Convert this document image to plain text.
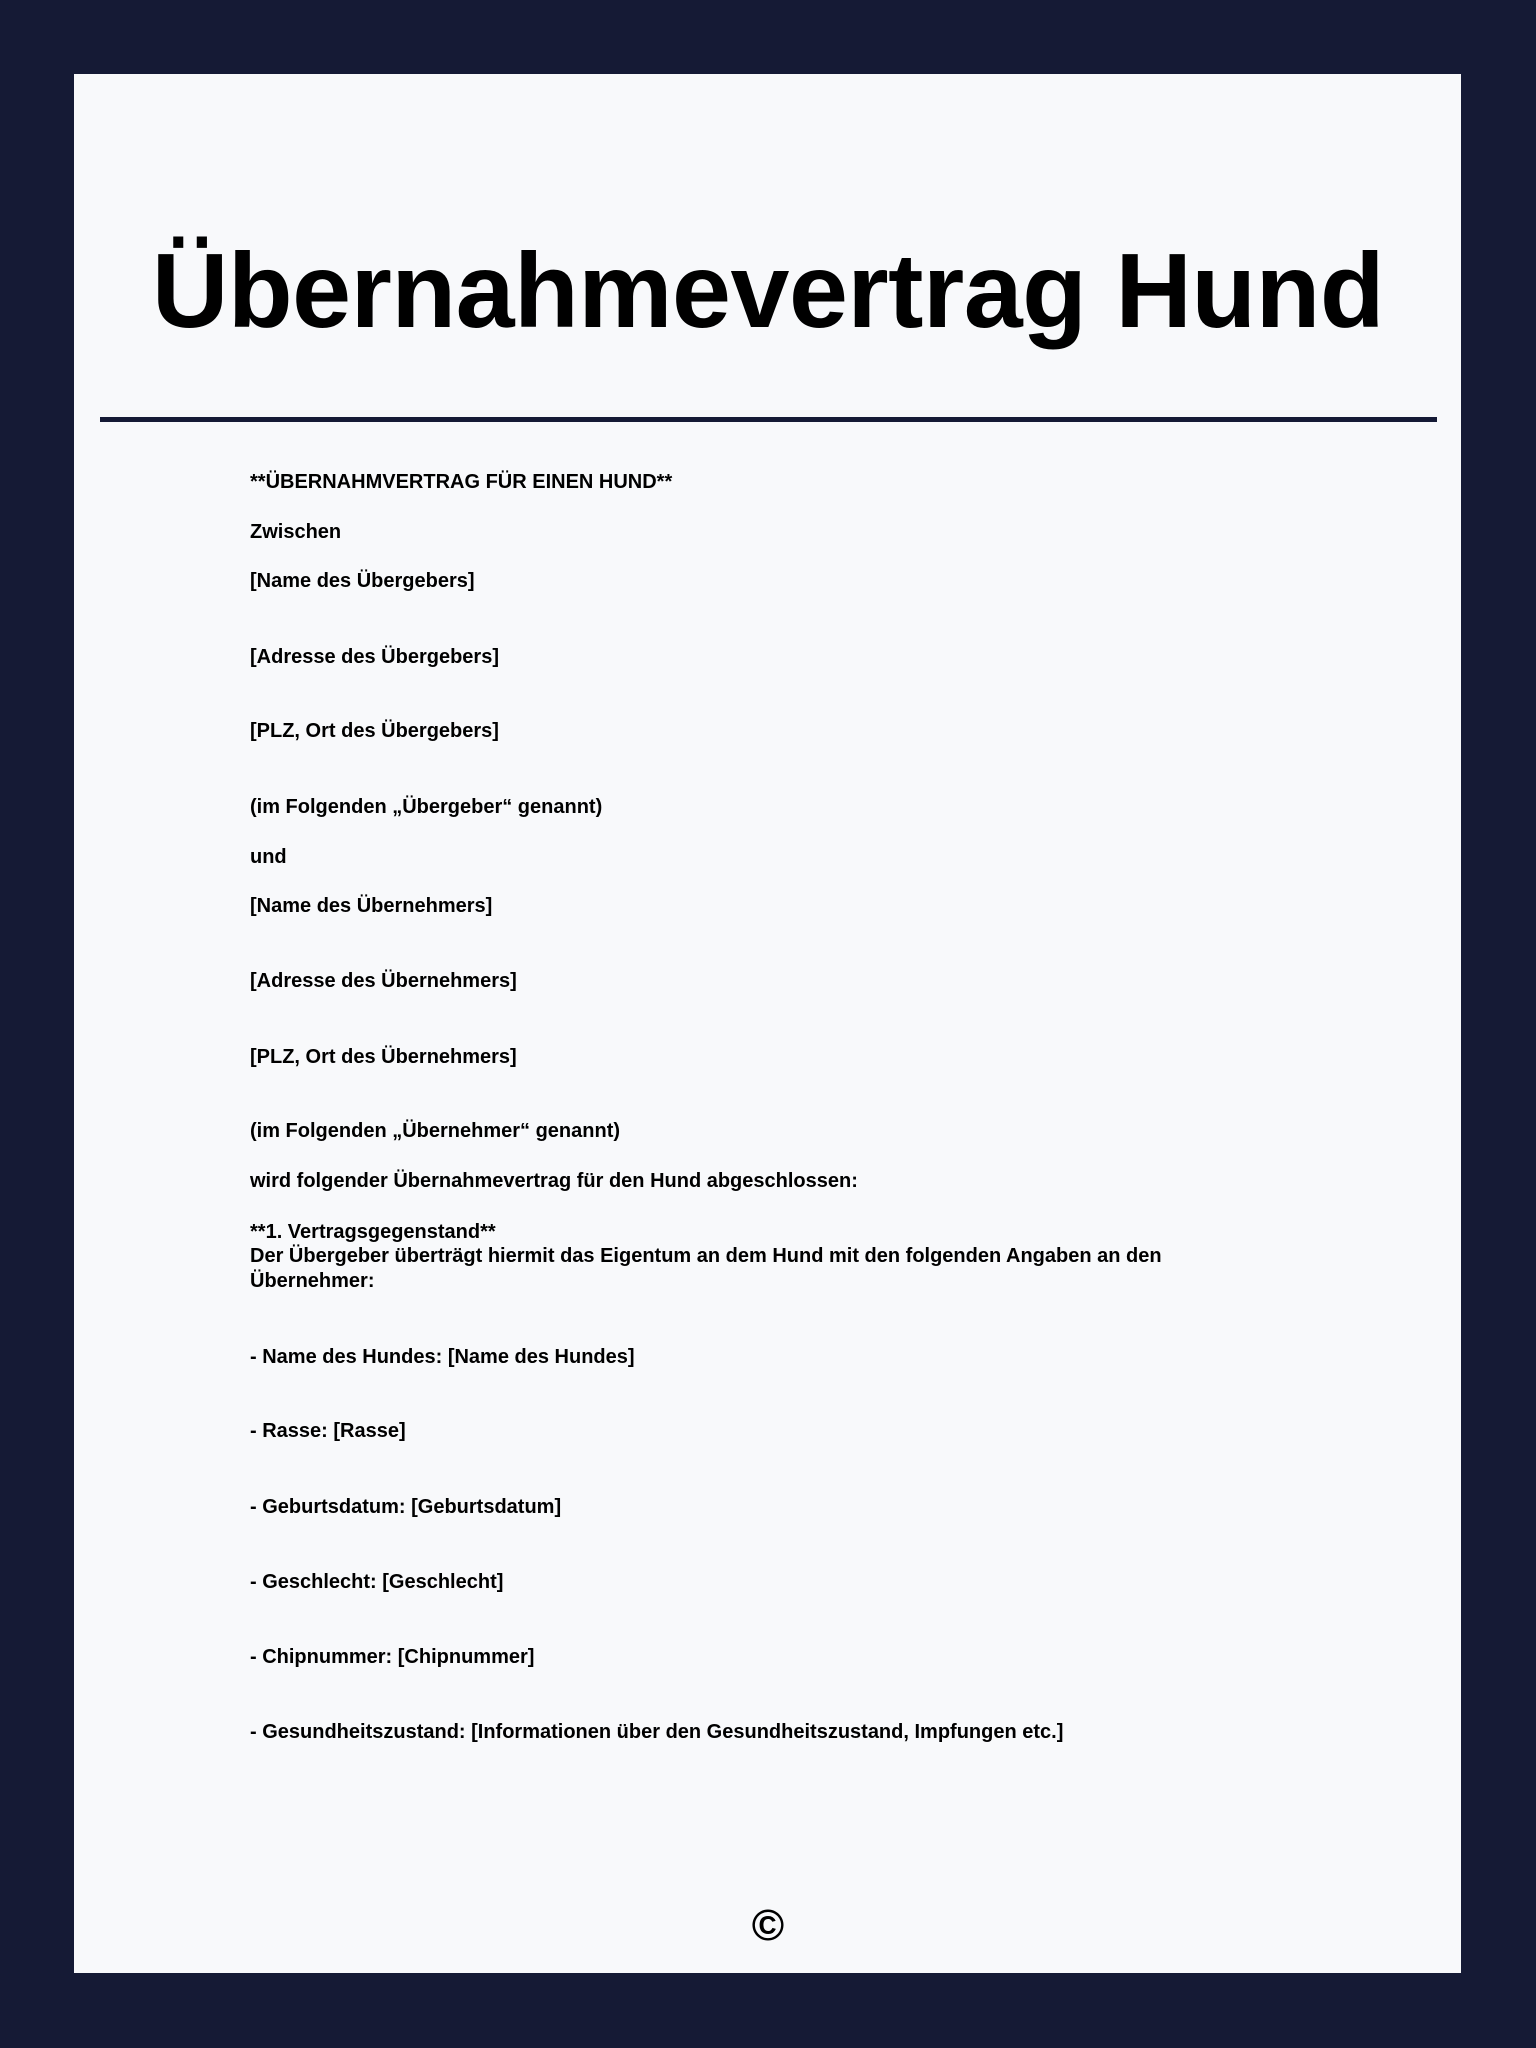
Übernahmevertrag Hund
**ÜBERNAHMVERTRAG FÜR EINEN HUND**
Zwischen
[Name des Übergebers]
[Adresse des Übergebers]
[PLZ, Ort des Übergebers]
(im Folgenden „Übergeber“ genannt)
und
[Name des Übernehmers]
[Adresse des Übernehmers]
[PLZ, Ort des Übernehmers]
(im Folgenden „Übernehmer“ genannt)
wird folgender Übernahmevertrag für den Hund abgeschlossen:
**1. Vertragsgegenstand**
Der Übergeber überträgt hiermit das Eigentum an dem Hund mit den folgenden Angaben an den Übernehmer:
- Name des Hundes: [Name des Hundes]
- Rasse: [Rasse]
- Geburtsdatum: [Geburtsdatum]
- Geschlecht: [Geschlecht]
- Chipnummer: [Chipnummer]
- Gesundheitszustand: [Informationen über den Gesundheitszustand, Impfungen etc.]
©
